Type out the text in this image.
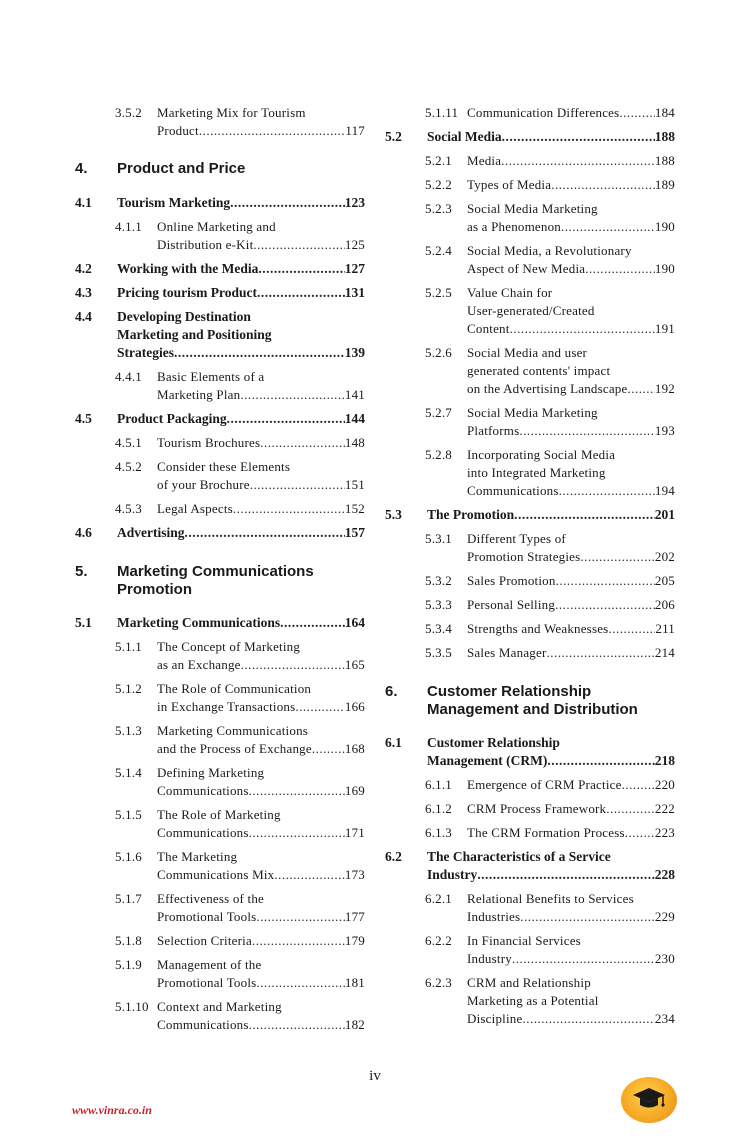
3.5.2 Marketing Mix for Tourism
Product .....	117
4. Product and Price
4.1 Tourism Marketing .....	123
4.1.1 Online Marketing and
Distribution e-Kit .....	125
4.2 Working with the Media .....	127
4.3 Pricing tourism Product .....	131
4.4 Developing Destination
Marketing and Positioning
Strategies .....	139
4.4.1 Basic Elements of a
Marketing Plan .....	141
4.5 Product Packaging .....	144
4.5.1 Tourism Brochures .....	148
4.5.2 Consider these Elements
of your Brochure .....	151
4.5.3 Legal Aspects .....	152
4.6 Advertising .....	157
5. Marketing Communications
Promotion
5.1 Marketing Communications .....	164
5.1.1 The Concept of Marketing
as an Exchange .....	165
5.1.2 The Role of Communication
in Exchange Transactions .....	166
5.1.3 Marketing Communications
and the Process of Exchange .....	168
5.1.4 Defining Marketing
Communications .....	169
5.1.5 The Role of Marketing
Communications .....	171
5.1.6 The Marketing
Communications Mix .....	173
5.1.7 Effectiveness of the
Promotional Tools .....	177
5.1.8 Selection Criteria .....	179
5.1.9 Management of the
Promotional Tools .....	181
5.1.10 Context and Marketing
Communications .....	182
5.1.11 Communication Differences .....	184
5.2 Social Media .....	188
5.2.1 Media .....	188
5.2.2 Types of Media .....	189
5.2.3 Social Media Marketing
as a Phenomenon .....	190
5.2.4 Social Media, a Revolutionary
Aspect of New Media .....	190
5.2.5 Value Chain for
User-generated/Created
Content .....	191
5.2.6 Social Media and user
generated contents' impact
on the Advertising Landscape ..... 192
5.2.7 Social Media Marketing
Platforms .....	193
5.2.8 Incorporating Social Media
into Integrated Marketing
Communications .....	194
5.3 The Promotion .....	201
5.3.1 Different Types of
Promotion Strategies .....	202
5.3.2 Sales Promotion .....	205
5.3.3 Personal Selling .....	206
5.3.4 Strengths and Weaknesses .....	211
5.3.5 Sales Manager .....	214
6. Customer Relationship
Management and Distribution
6.1 Customer Relationship
Management (CRM) .....	218
6.1.1 Emergence of CRM Practice .....	220
6.1.2 CRM Process Framework .....	222
6.1.3 The CRM Formation Process ..... 223
6.2 The Characteristics of a Service
Industry .....	228
6.2.1 Relational Benefits to Services
Industries .....	229
6.2.2 In Financial Services
Industry .....	230
6.2.3 CRM and Relationship
Marketing as a Potential
Discipline .....	234
iv
www.vinra.co.in
